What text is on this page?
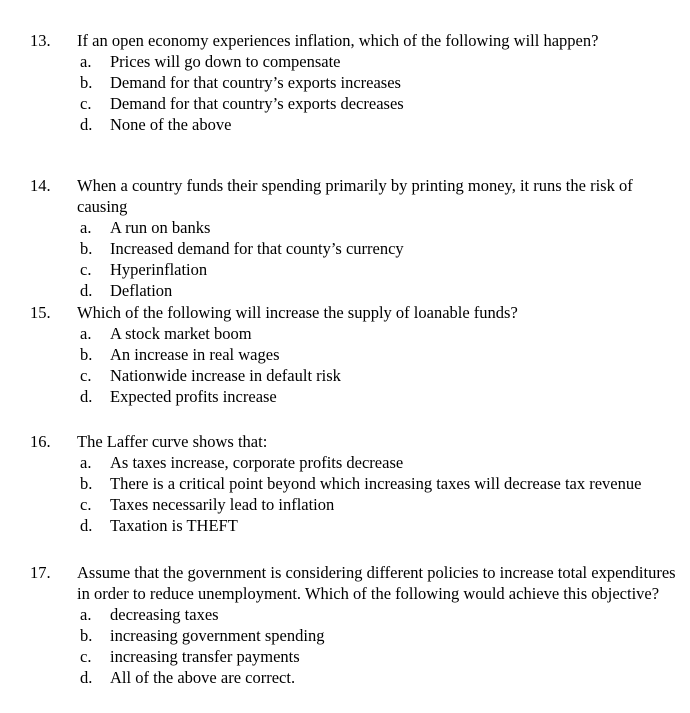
13. If an open economy experiences inflation, which of the following will happen?
a. Prices will go down to compensate
b. Demand for that country’s exports increases
c. Demand for that country’s exports decreases
d. None of the above
14. When a country funds their spending primarily by printing money, it runs the risk of causing
a. A run on banks
b. Increased demand for that county’s currency
c. Hyperinflation
d. Deflation
15. Which of the following will increase the supply of loanable funds?
a. A stock market boom
b. An increase in real wages
c. Nationwide increase in default risk
d. Expected profits increase
16. The Laffer curve shows that:
a. As taxes increase, corporate profits decrease
b. There is a critical point beyond which increasing taxes will decrease tax revenue
c. Taxes necessarily lead to inflation
d. Taxation is THEFT
17. Assume that the government is considering different policies to increase total expenditures in order to reduce unemployment. Which of the following would achieve this objective?
a. decreasing taxes
b. increasing government spending
c. increasing transfer payments
d. All of the above are correct.
